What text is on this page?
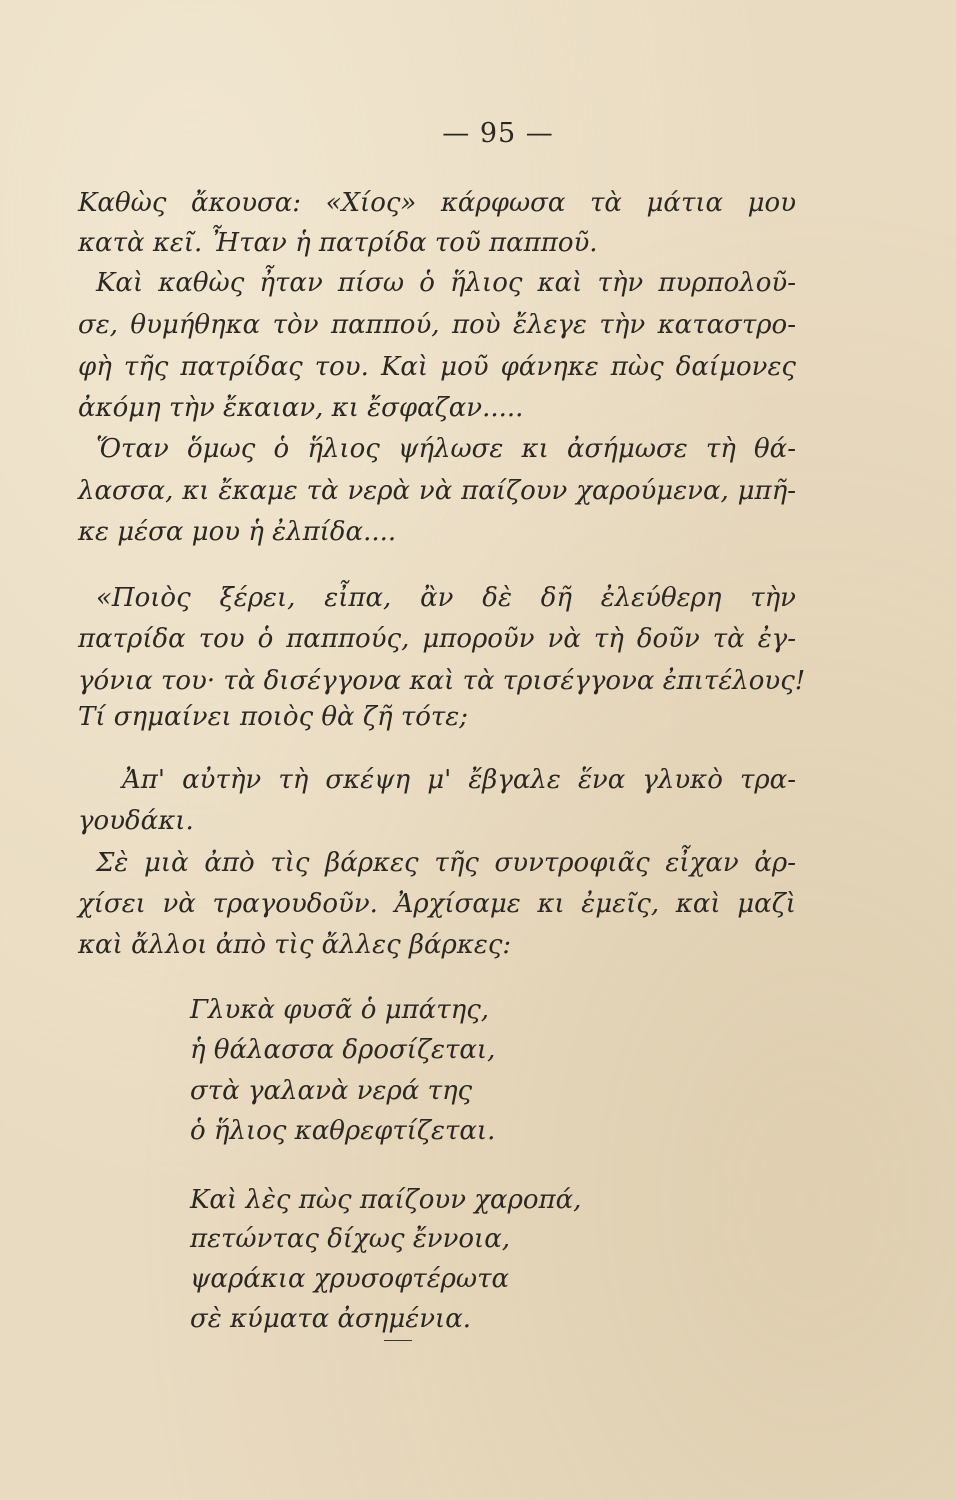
— 95 —
Καθὼς ἄκουσα: «Χίος» κάρφωσα τὰ μάτια μου
κατὰ κεῖ. Ἦταν ἡ πατρίδα τοῦ παπποῦ.
Καὶ καθὼς ἦταν πίσω ὁ ἥλιος καὶ τὴν πυρπολοῦ-
σε, θυμήθηκα τὸν παππού, ποὺ ἔλεγε τὴν καταστρο-
φὴ τῆς πατρίδας του. Καὶ μοῦ φάνηκε πὼς δαίμονες
ἀκόμη τὴν ἔκαιαν, κι ἔσφαζαν.....
Ὅταν ὅμως ὁ ἥλιος ψήλωσε κι ἀσήμωσε τὴ θά-
λασσα, κι ἔκαμε τὰ νερὰ νὰ παίζουν χαρούμενα, μπῆ-
κε μέσα μου ἡ ἐλπίδα....
«Ποιὸς ξέρει, εἶπα, ἂν δὲ δῆ ἐλεύθερη τὴν
πατρίδα του ὁ παππούς, μποροῦν νὰ τὴ δοῦν τὰ ἐγ-
γόνια του· τὰ δισέγγονα καὶ τὰ τρισέγγονα ἐπιτέλους!
Τί σημαίνει ποιὸς θὰ ζῆ τότε;
Ἀπ' αὐτὴν τὴ σκέψη μ' ἔβγαλε ἕνα γλυκὸ τρα-
γουδάκι.
Σὲ μιὰ ἀπὸ τὶς βάρκες τῆς συντροφιᾶς εἶχαν ἀρ-
χίσει νὰ τραγουδοῦν. Ἀρχίσαμε κι ἐμεῖς, καὶ μαζὶ
καὶ ἄλλοι ἀπὸ τὶς ἄλλες βάρκες:
Γλυκὰ φυσᾶ ὁ μπάτης,
ἡ θάλασσα δροσίζεται,
στὰ γαλανὰ νερά της
ὁ ἥλιος καθρεφτίζεται.
Καὶ λὲς πὼς παίζουν χαροπά,
πετώντας δίχως ἔννοια,
ψαράκια χρυσοφτέρωτα
σὲ κύματα ἀσημένια.
